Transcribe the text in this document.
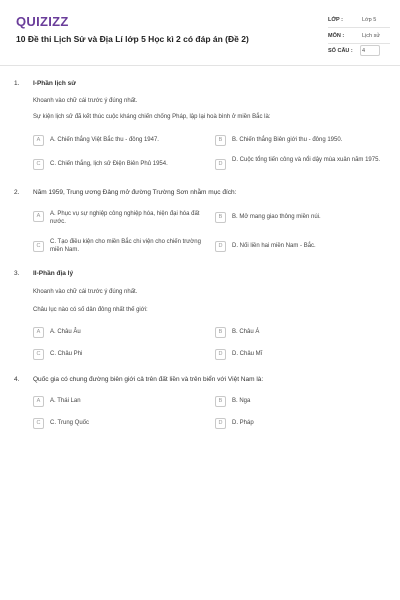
QUIZIZZ
10 Đề thi Lịch Sử và Địa Lí lớp 5 Học kì 2 có đáp án (Đề 2)
LỚP :	Lớp 5
MÔN :	Lịch sử
SỐ CÂU : 4
1. I-Phần lịch sử
Khoanh vào chữ cái trước ý đúng nhất.
Sự kiện lịch sử đã kết thúc cuộc kháng chiến chống Pháp, lập lại hoà bình ở miền Bắc là:
A	A. Chiến thắng Việt Bắc thu - đông 1947.	B	B. Chiến thắng Biên giới thu - đông 1950.
C	C. Chiến thắng, lịch sử Điện Biên Phủ 1954.	D
D. Cuộc tổng tiến công và nổi dậy mùa xuân năm 1975.
2. Năm 1959, Trung ương Đảng mở đường Trường Sơn nhằm mục đích:
A	A. Phục vụ sự nghiệp công nghiệp hóa, hiện đại hóa đất nước.
B	B. Mở mang giao thông miền núi.
C
C. Tạo điều kiện cho miền Bắc chi viện cho chiến trường miền Nam.
D	D. Nối liền hai miền Nam - Bắc.
3. II-Phần địa lý
Khoanh vào chữ cái trước ý đúng nhất.
Châu lục nào có số dân đông nhất thế giới:
A	A. Châu Âu	B	B. Châu Á
C	C. Châu Phi	D	D. Châu Mĩ
4. Quốc gia có chung đường biên giới cả trên đất liền và trên biển với Việt Nam là:
A	A. Thái Lan	B	B. Nga
C	C. Trung Quốc	D	D. Pháp
